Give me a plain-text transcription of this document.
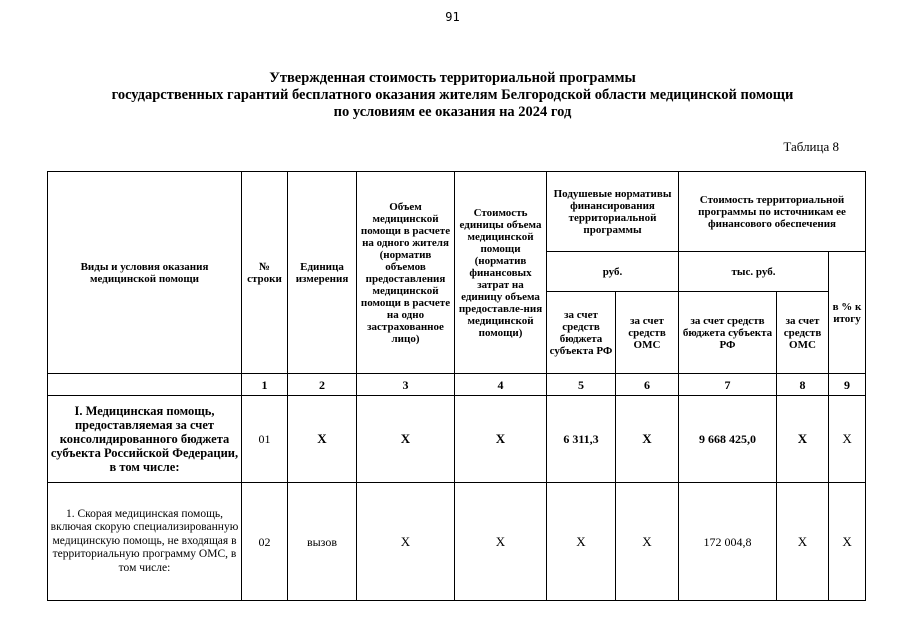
91
Утвержденная стоимость территориальной программы
государственных гарантий бесплатного оказания жителям Белгородской области медицинской помощи
по условиям ее оказания на 2024 год
Таблица 8
Виды и условия оказания медицинской помощи	№ строки	Единица измерения	Объем медицинской помощи в расчете на одного жителя (норматив объемов предоставления медицинской помощи в расчете на одно застрахованное лицо)	Стоимость единицы объема медицинской помощи (норматив финансовых затрат на единицу объема предоставле-ния медицинской помощи)	Подушевые нормативы финансирования территориальной программы		Стоимость территориальной программы по источникам ее финансового обеспечения		
					руб.		тыс. руб.		в % к итогу
					за счет средств бюджета субъекта РФ	за счет средств ОМС	за счет средств бюджета субъекта РФ	за счет средств ОМС	
	1	2	3	4	5	6	7	8	9
I. Медицинская помощь, предоставляемая за счет консолидированного бюджета субъекта Российской Федерации, в том числе:	01	Х	Х	Х	6 311,3	Х	9 668 425,0	Х	Х
1. Скорая медицинская помощь, включая скорую специализированную медицинскую помощь, не входящая в территориальную программу ОМС, в том числе:	02	вызов	Х	Х	Х	Х	172 004,8	Х	Х
